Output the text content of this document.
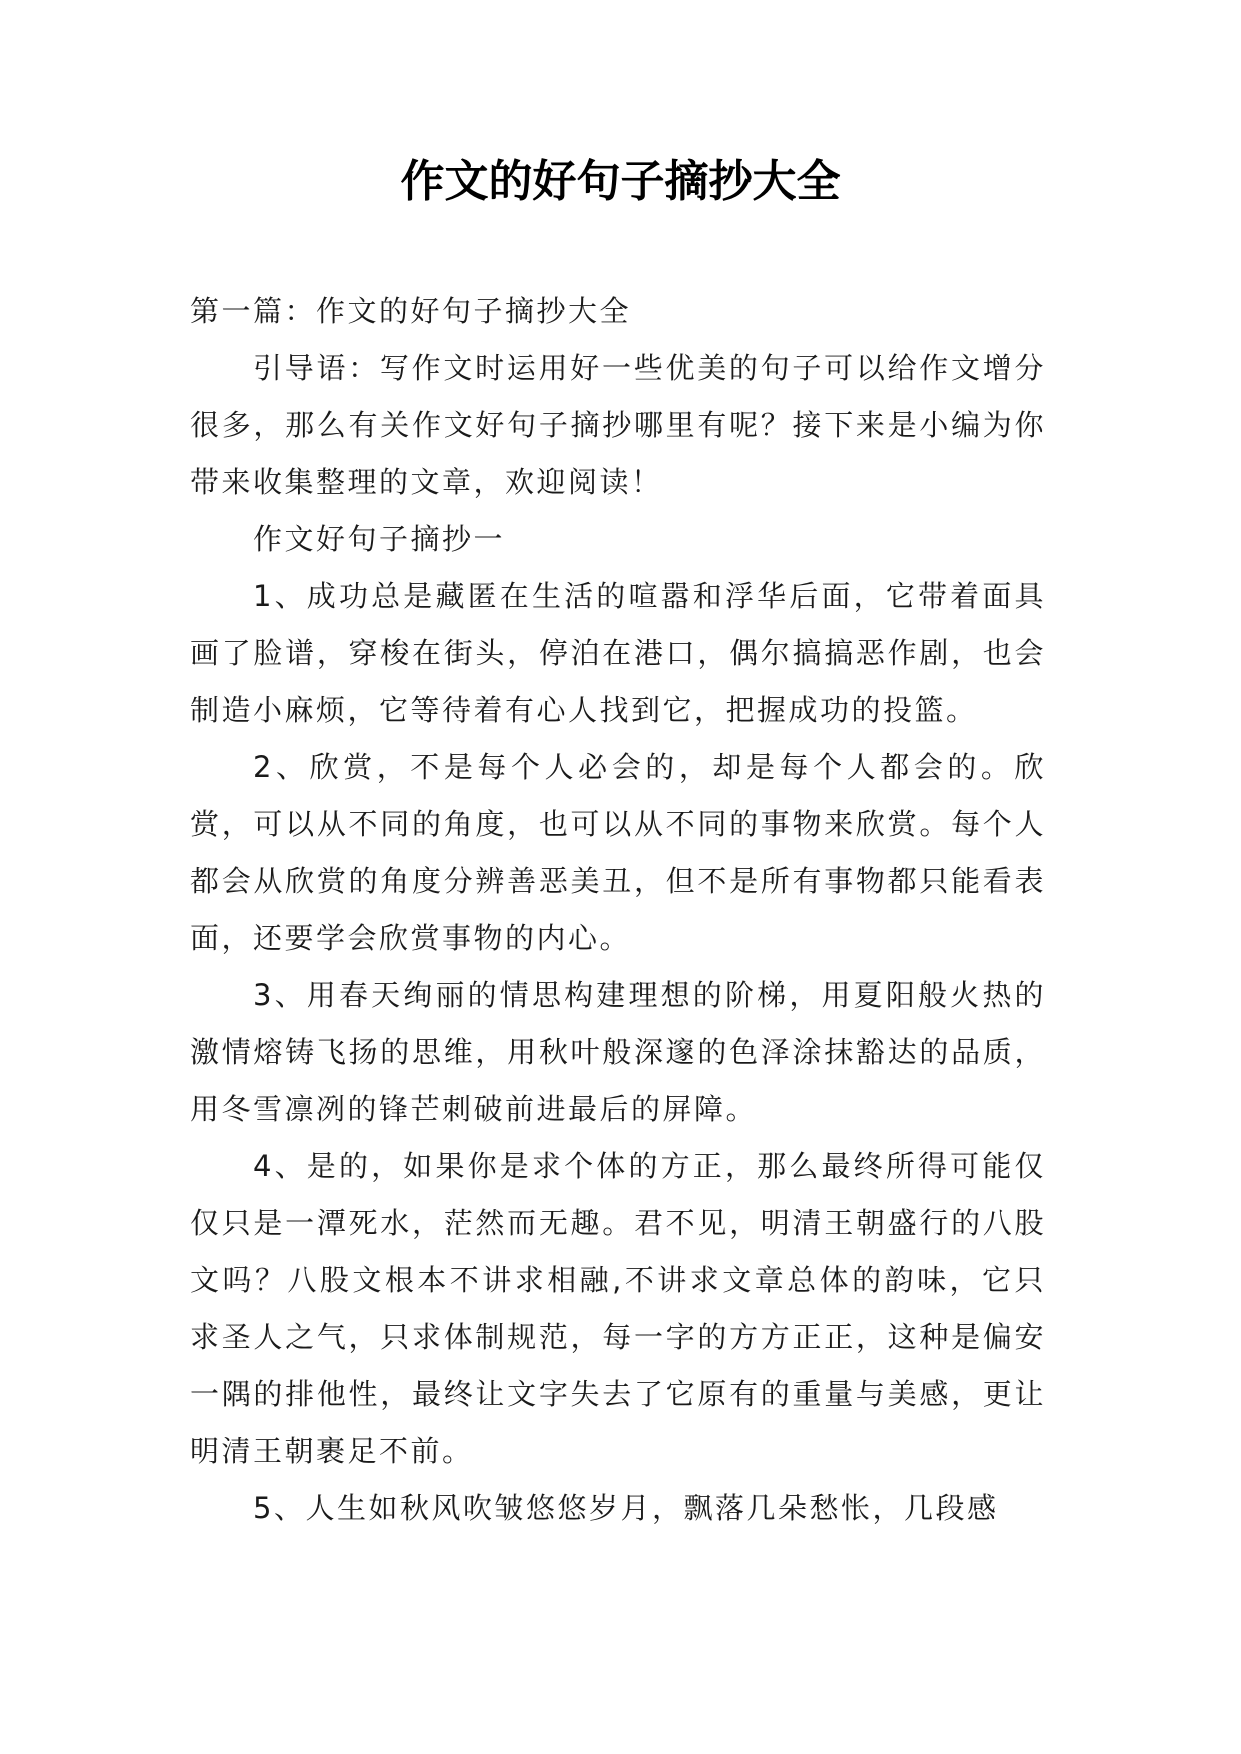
作文的好句子摘抄大全

第一篇：作文的好句子摘抄大全

引导语：写作文时运用好一些优美的句子可以给作文增分很多，那么有关作文好句子摘抄哪里有呢？接下来是小编为你带来收集整理的文章，欢迎阅读！

作文好句子摘抄一

1、成功总是藏匿在生活的喧嚣和浮华后面，它带着面具画了脸谱，穿梭在街头，停泊在港口，偶尔搞搞恶作剧，也会制造小麻烦，它等待着有心人找到它，把握成功的投篮。

2、欣赏，不是每个人必会的，却是每个人都会的。欣赏，可以从不同的角度，也可以从不同的事物来欣赏。每个人都会从欣赏的角度分辨善恶美丑，但不是所有事物都只能看表面，还要学会欣赏事物的内心。

3、用春天绚丽的情思构建理想的阶梯，用夏阳般火热的激情熔铸飞扬的思维，用秋叶般深邃的色泽涂抹豁达的品质，用冬雪凛冽的锋芒刺破前进最后的屏障。

4、是的，如果你是求个体的方正，那么最终所得可能仅仅只是一潭死水，茫然而无趣。君不见，明清王朝盛行的八股文吗？八股文根本不讲求相融,不讲求文章总体的韵味，它只求圣人之气，只求体制规范，每一字的方方正正，这种是偏安一隅的排他性，最终让文字失去了它原有的重量与美感，更让明清王朝裹足不前。

5、人生如秋风吹皱悠悠岁月，飘落几朵愁怅，几段感
